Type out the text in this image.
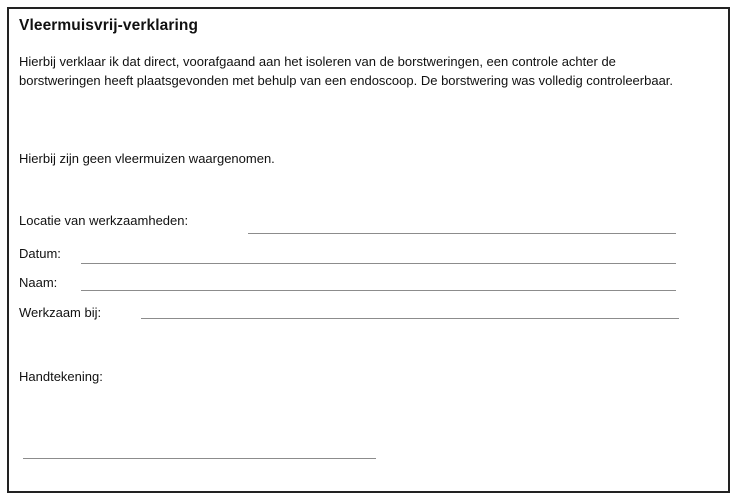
Vleermuisvrij-verklaring
Hierbij verklaar ik dat direct, voorafgaand aan het isoleren van de borstweringen, een controle achter de borstweringen heeft plaatsgevonden met behulp van een endoscoop. De borstwering was volledig controleerbaar.
Hierbij zijn geen vleermuizen waargenomen.
Locatie van werkzaamheden:
Datum:
Naam:
Werkzaam bij:
Handtekening:
